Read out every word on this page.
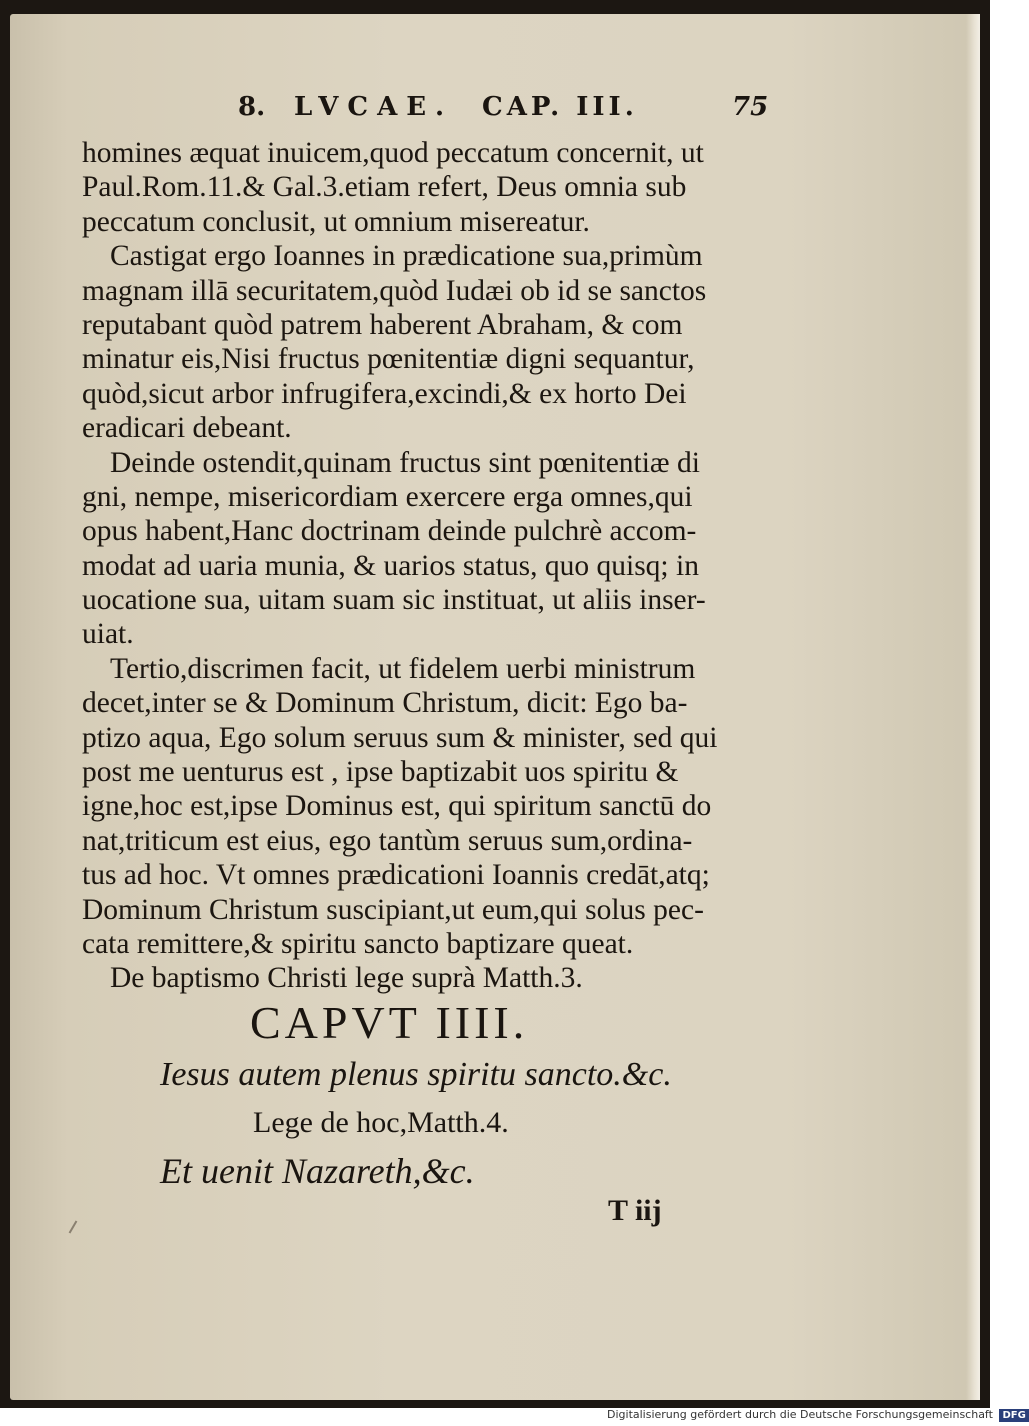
8. LVCAE. CAP. III.	75
homines æquat inuicem,quod peccatum concernit, ut
Paul.Rom.11.& Gal.3.etiam refert, Deus omnia sub
peccatum conclusit, ut omnium misereatur.
Castigat ergo Ioannes in prædicatione sua,primùm
magnam illā securitatem,quòd Iudæi ob id se sanctos
reputabant quòd patrem haberent Abraham, & com
minatur eis,Nisi fructus pœnitentiæ digni sequantur,
quòd,sicut arbor infrugifera,excindi,& ex horto Dei
eradicari debeant.
Deinde ostendit,quinam fructus sint pœnitentiæ di
gni, nempe, misericordiam exercere erga omnes,qui
opus habent,Hanc doctrinam deinde pulchrè accom-
modat ad uaria munia, & uarios status, quo quisq; in
uocatione sua, uitam suam sic instituat, ut aliis inser-
uiat.
Tertio,discrimen facit, ut fidelem uerbi ministrum
decet,inter se & Dominum Christum, dicit: Ego ba-
ptizo aqua, Ego solum seruus sum & minister, sed qui
post me uenturus est , ipse baptizabit uos spiritu &
igne,hoc est,ipse Dominus est, qui spiritum sanctū do
nat,triticum est eius, ego tantùm seruus sum,ordina-
tus ad hoc. Vt omnes prædicationi Ioannis credāt,atq;
Dominum Christum suscipiant,ut eum,qui solus pec-
cata remittere,& spiritu sancto baptizare queat.
De baptismo Christi lege suprà Matth.3.
CAPVT IIII.
Iesus autem plenus spiritu sancto.&c.
Lege de hoc,Matth.4.
Et uenit Nazareth,&c.
T iij
Digitalisierung gefördert durch die Deutsche Forschungsgemeinschaft DFG
